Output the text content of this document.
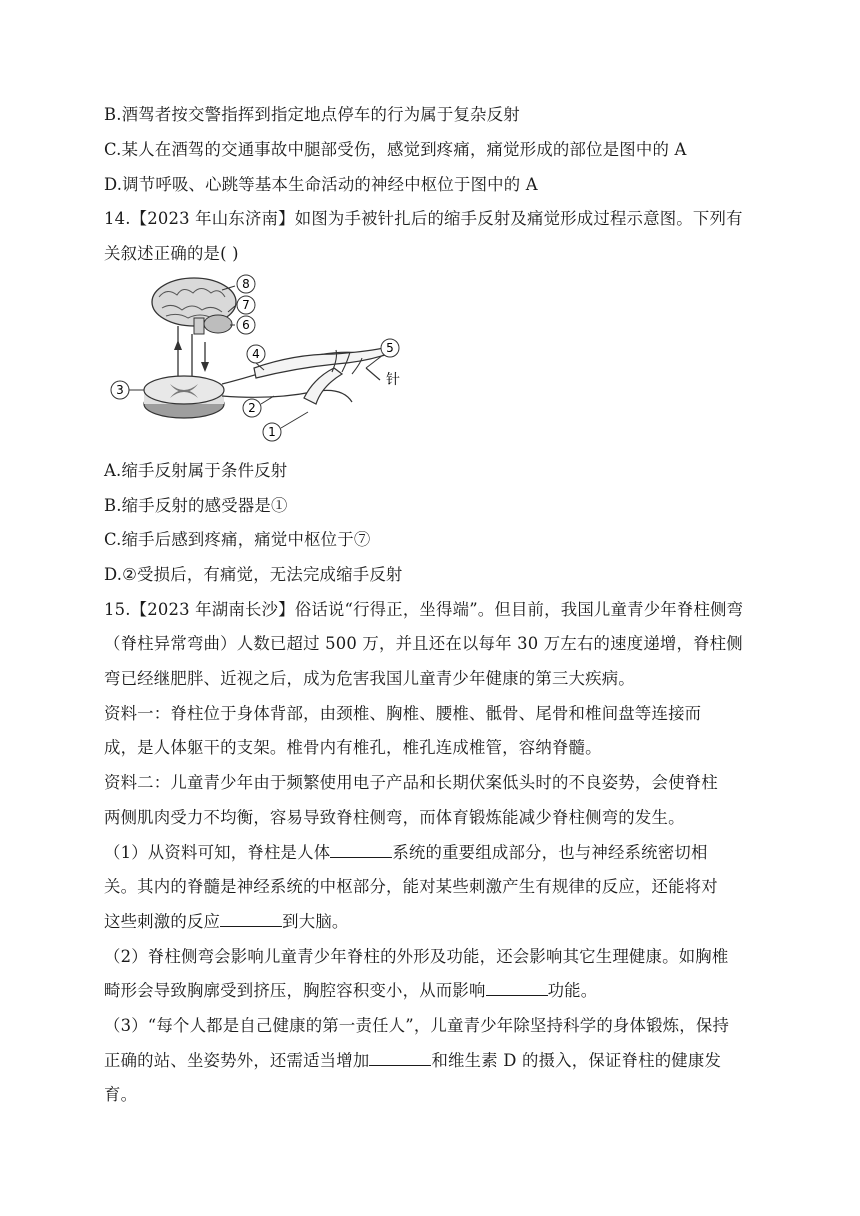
B.酒驾者按交警指挥到指定地点停车的行为属于复杂反射
C.某人在酒驾的交通事故中腿部受伤，感觉到疼痛，痛觉形成的部位是图中的 A
D.调节呼吸、心跳等基本生命活动的神经中枢位于图中的 A
14.【2023 年山东济南】如图为手被针扎后的缩手反射及痛觉形成过程示意图。下列有
关叙述正确的是( )
8
7
6
4	5
针
3
2
1
A.缩手反射属于条件反射
B.缩手反射的感受器是①
C.缩手后感到疼痛，痛觉中枢位于⑦
D.②受损后，有痛觉，无法完成缩手反射
15.【2023 年湖南长沙】俗话说“行得正，坐得端”。但目前，我国儿童青少年脊柱侧弯
（脊柱异常弯曲）人数已超过 500 万，并且还在以每年 30 万左右的速度递增，脊柱侧
弯已经继肥胖、近视之后，成为危害我国儿童青少年健康的第三大疾病。
资料一：脊柱位于身体背部，由颈椎、胸椎、腰椎、骶骨、尾骨和椎间盘等连接而
成，是人体躯干的支架。椎骨内有椎孔，椎孔连成椎管，容纳脊髓。
资料二：儿童青少年由于频繁使用电子产品和长期伏案低头时的不良姿势，会使脊柱
两侧肌肉受力不均衡，容易导致脊柱侧弯，而体育锻炼能减少脊柱侧弯的发生。
（1）从资料可知，脊柱是人体	系统的重要组成部分，也与神经系统密切相
关。其内的脊髓是神经系统的中枢部分，能对某些刺激产生有规律的反应，还能将对
这些刺激的反应	到大脑。
（2）脊柱侧弯会影响儿童青少年脊柱的外形及功能，还会影响其它生理健康。如胸椎
畸形会导致胸廓受到挤压，胸腔容积变小，从而影响	功能。
（3）“每个人都是自己健康的第一责任人”，儿童青少年除坚持科学的身体锻炼，保持
正确的站、坐姿势外，还需适当增加	和维生素 D 的摄入，保证脊柱的健康发
育。
